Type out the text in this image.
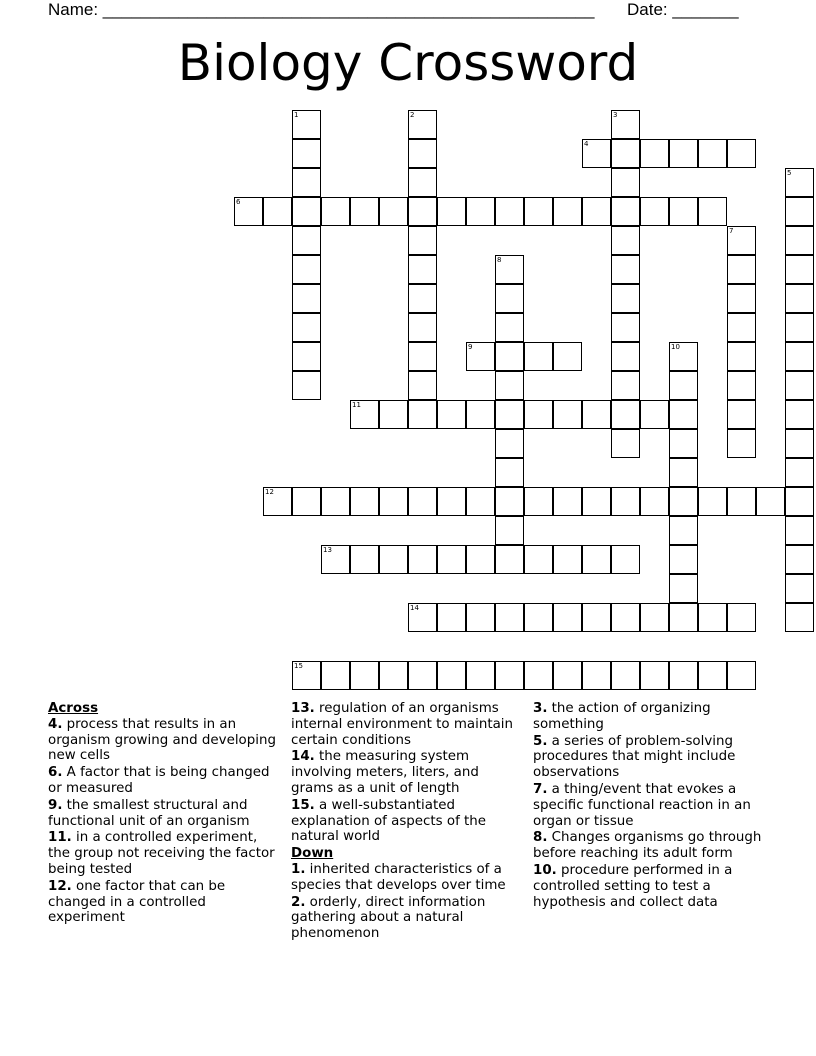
Name: ____________________________________________________ Date: _______
Biology Crossword
1	2	3
4
5
6
7
8
9	10
11
12
13
14
15

Across

4. process that results in an organism growing and developing new cells

6. A factor that is being changed or measured

9. the smallest structural and functional unit of an organism

11. in a controlled experiment, the group not receiving the factor being tested

12. one factor that can be changed in a controlled experiment

13. regulation of an organisms internal environment to maintain certain conditions

14. the measuring system involving meters, liters, and grams as a unit of length

15. a well-substantiated explanation of aspects of the natural world

Down

1. inherited characteristics of a species that develops over time

2. orderly, direct information gathering about a natural phenomenon

3. the action of organizing something

5. a series of problem-solving procedures that might include observations

7. a thing/event that evokes a specific functional reaction in an organ or tissue

8. Changes organisms go through before reaching its adult form

10. procedure performed in a controlled setting to test a hypothesis and collect data
